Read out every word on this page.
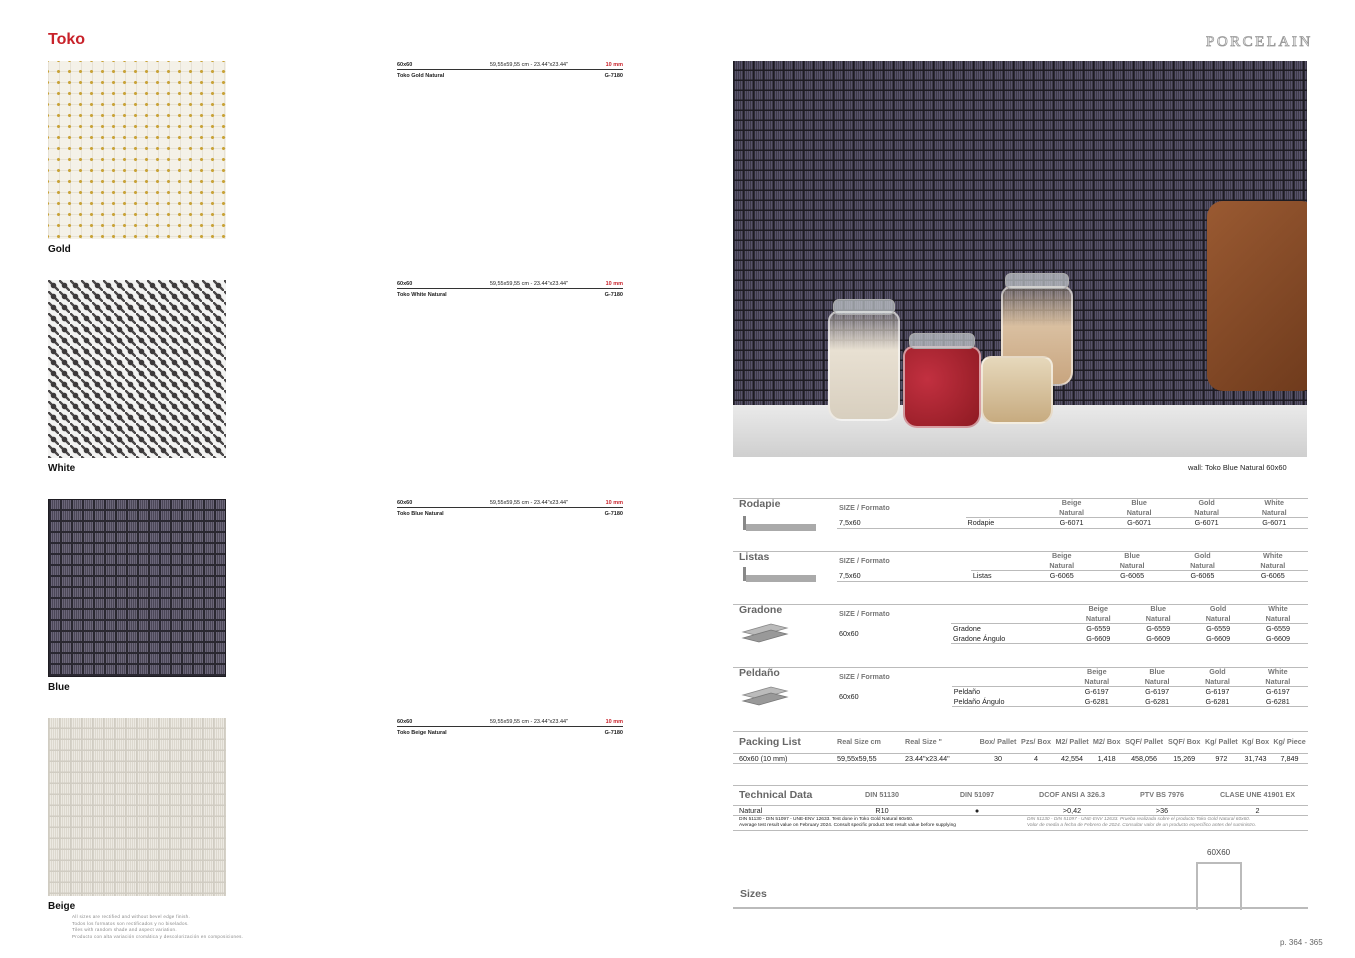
Toko
Gold
White
Blue
Beige
60x60	59,55x59,55 cm - 23.44"x23.44"	10 mm
Toko Gold Natural	G-7180
60x60	59,55x59,55 cm - 23.44"x23.44"	10 mm
Toko White Natural	G-7180
60x60	59,55x59,55 cm - 23.44"x23.44"	10 mm
Toko Blue Natural	G-7180
60x60	59,55x59,55 cm - 23.44"x23.44"	10 mm
Toko Beige Natural	G-7180
All sizes are rectified and without bevel edge finish.
Todos los formatos son rectificados y no biselados.
Tiles with random shade and aspect variation.
Producto con alta variación cromática y descolorización en composiciones.
PORCELAIN
wall: Toko Blue Natural 60x60
Rodapie	SIZE / Formato		Beige	Blue	Gold	White
		Natural	Natural	Natural	Natural
7,5x60	Rodapie	G-6071	G-6071	G-6071	G-6071
Listas	SIZE / Formato		Beige	Blue	Gold	White
		Natural	Natural	Natural	Natural
7,5x60	Listas	G-6065	G-6065	G-6065	G-6065
Gradone	SIZE / Formato		Beige	Blue	Gold	White
		Natural	Natural	Natural	Natural
60x60	Gradone	G-6559	G-6559	G-6559	G-6559
	Gradone Ángulo	G-6609	G-6609	G-6609	G-6609
Peldaño	SIZE / Formato		Beige	Blue	Gold	White
		Natural	Natural	Natural	Natural
60x60	Peldaño	G-6197	G-6197	G-6197	G-6197
	Peldaño Ángulo	G-6281	G-6281	G-6281	G-6281
Packing List	Real Size cm	Real Size "	Box/ Pallet	Pzs/ Box	M2/ Pallet	M2/ Box	SQF/ Pallet	SQF/ Box	Kg/ Pallet	Kg/ Box	Kg/ Piece
60x60 (10 mm)	59,55x59,55	23.44"x23.44"	30	4	42,554	1,418	458,056	15,269	972	31,743	7,849
Technical Data	DIN 51130	DIN 51097	DCOF ANSI A 326.3	PTV BS 7976	CLASE UNE 41901 EX
Natural	R10	●	>0,42	>36	2
DIN 51130 - DIN 51097 - UNE-ENV 12633. Test done in Toko Gold Natural 60x60.
Average test result value on February 2024. Consult specific product test result value before supplying
DIN 51130 - DIN 51097 - UNE-ENV 12633. Prueba realizada sobre el producto Toko Gold Natural 60x60.
Valor de media a fecha de Febrero de 2024. Consultar valor de un producto específico antes del suministro.
Sizes
60X60
p. 364 - 365
